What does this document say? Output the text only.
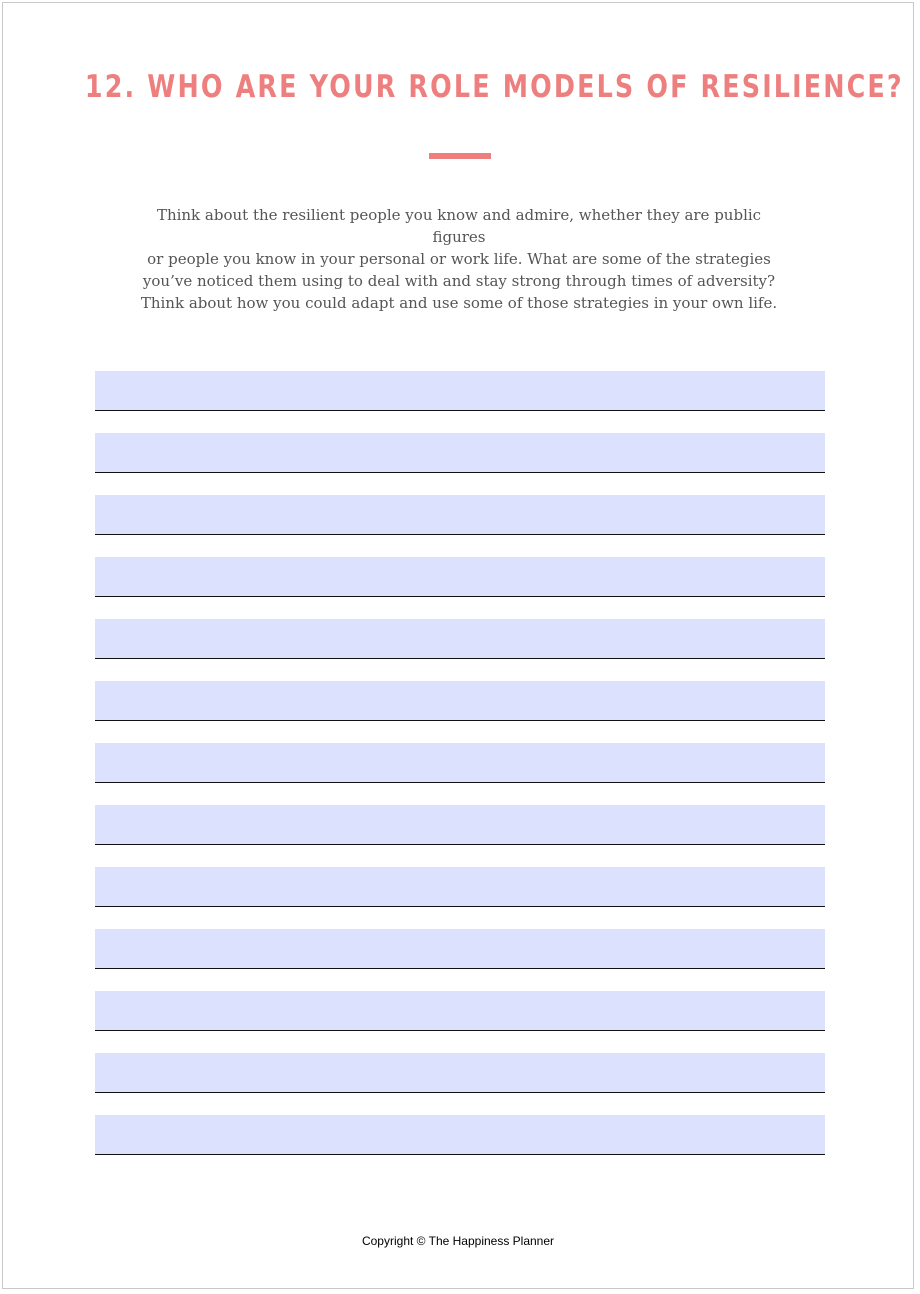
12. WHO ARE YOUR ROLE MODELS OF RESILIENCE?

Think about the resilient people you know and admire, whether they are public figures
or people you know in your personal or work life. What are some of the strategies
you’ve noticed them using to deal with and stay strong through times of adversity?
Think about how you could adapt and use some of those strategies in your own life.

Copyright © The Happiness Planner
